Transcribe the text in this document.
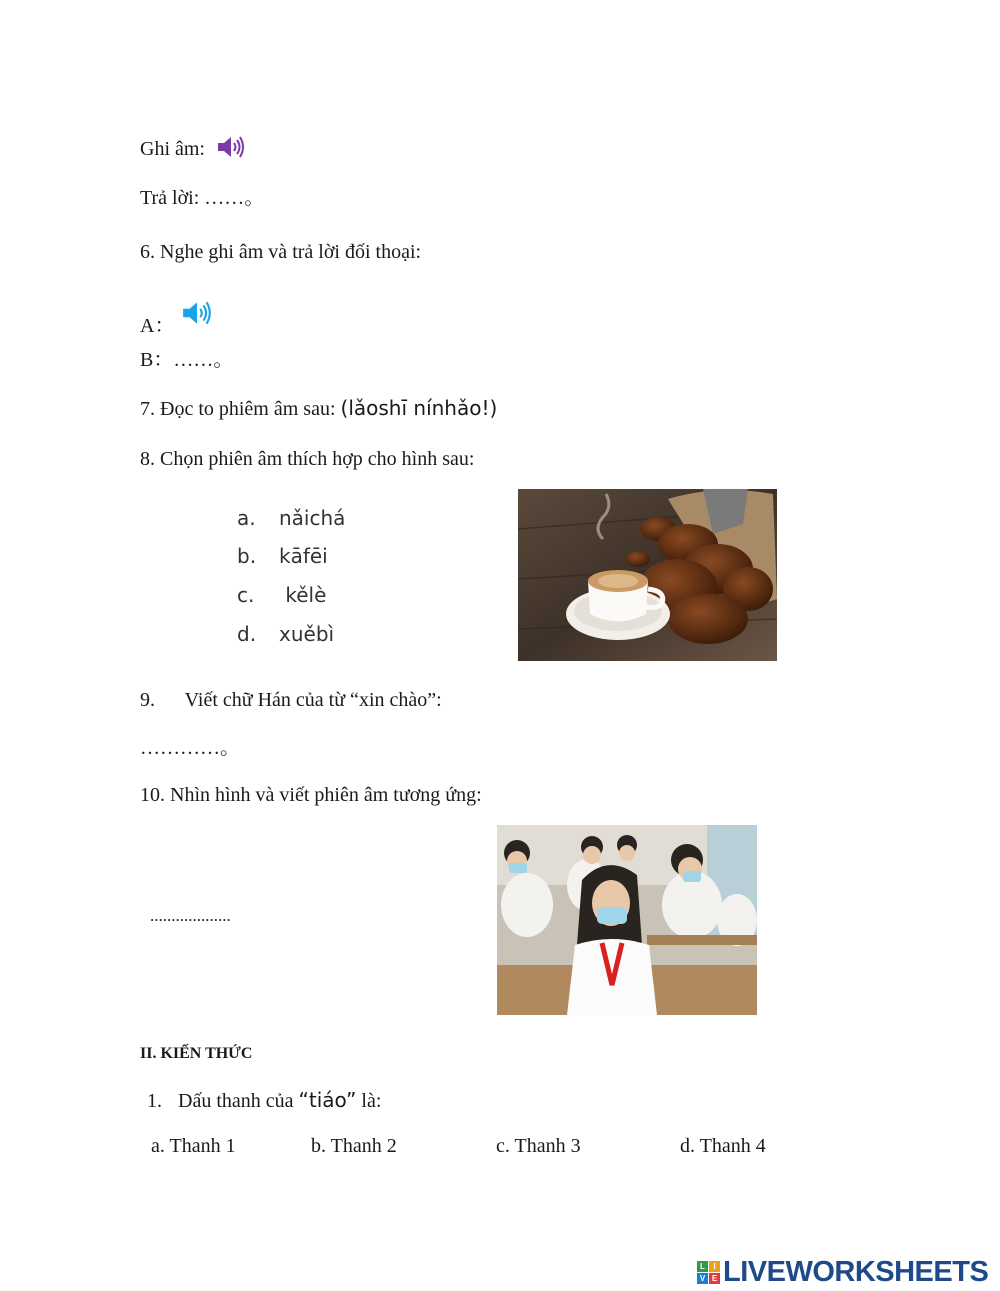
Ghi âm:
Trả lời: ……。
6. Nghe ghi âm và trả lời đối thoại:
A：
B：……。
7. Đọc to phiêm âm sau: (lǎoshī nínhǎo!)
8. Chọn phiên âm thích hợp cho hình sau:
a. nǎichá
b. kāfēi
c. kělè
d. xuěbì
9. Viết chữ Hán của từ “xin chào”:
…………。
10. Nhìn hình và viết phiên âm tương ứng:
...................
II. KIẾN THỨC
1. Dấu thanh của “tiáo” là:
a. Thanh 1	b. Thanh 2	c. Thanh 3	d. Thanh 4
L	I
V E LIVEWORKSHEETS
